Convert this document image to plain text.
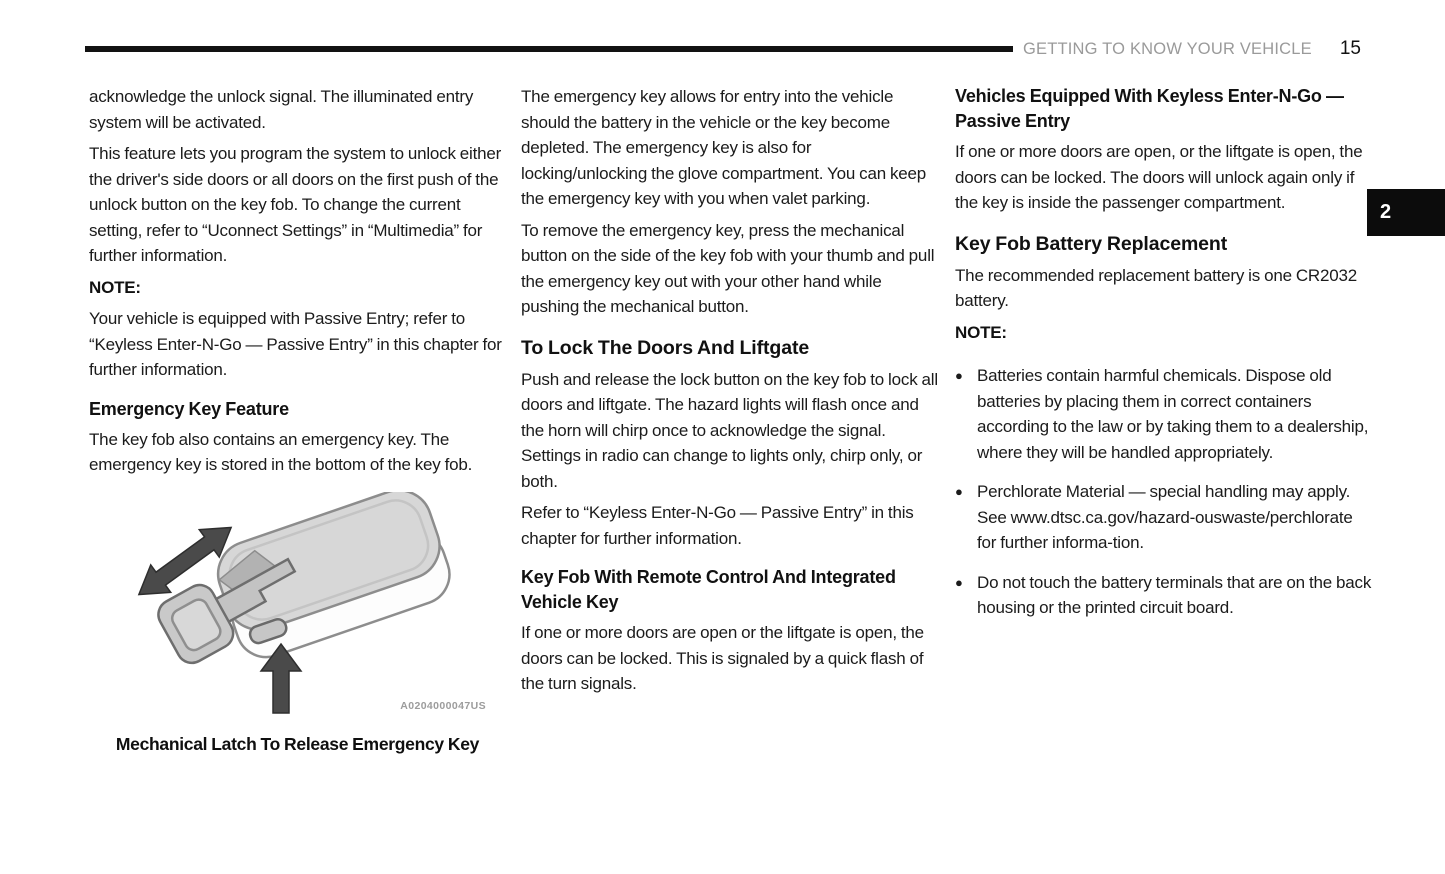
GETTING TO KNOW YOUR VEHICLE 15
2

acknowledge the unlock signal. The illuminated entry system will be activated.

This feature lets you program the system to unlock either the driver's side doors or all doors on the first push of the unlock button on the key fob. To change the current setting, refer to “Uconnect Settings” in “Multimedia” for further information.

NOTE:

Your vehicle is equipped with Passive Entry; refer to “Keyless Enter-N-Go — Passive Entry” in this chapter for further information.

Emergency Key Feature

The key fob also contains an emergency key. The emergency key is stored in the bottom of the key fob.

A0204000047US
Mechanical Latch To Release Emergency Key

The emergency key allows for entry into the vehicle should the battery in the vehicle or the key become depleted. The emergency key is also for locking/unlocking the glove compartment. You can keep the emergency key with you when valet parking.

To remove the emergency key, press the mechanical button on the side of the key fob with your thumb and pull the emergency key out with your other hand while pushing the mechanical button.

To Lock The Doors And Liftgate

Push and release the lock button on the key fob to lock all doors and liftgate. The hazard lights will flash once and the horn will chirp once to acknowledge the signal. Settings in radio can change to lights only, chirp only, or both.

Refer to “Keyless Enter-N-Go — Passive Entry” in this chapter for further information.

Key Fob With Remote Control And Integrated Vehicle Key

If one or more doors are open or the liftgate is open, the doors can be locked. This is signaled by a quick flash of the turn signals.

Vehicles Equipped With Keyless Enter-N-Go — Passive Entry

If one or more doors are open, or the liftgate is open, the doors can be locked. The doors will unlock again only if the key is inside the passenger compartment.

Key Fob Battery Replacement

The recommended replacement battery is one CR2032 battery.

NOTE:

● Batteries contain harmful chemicals. Dispose old batteries by placing them in correct containers according to the law or by taking them to a dealership, where they will be handled appropriately.
● Perchlorate Material — special handling may apply. See www.dtsc.ca.gov/hazard-ouswaste/perchlorate for further informa-tion.
● Do not touch the battery terminals that are on the back housing or the printed circuit board.
